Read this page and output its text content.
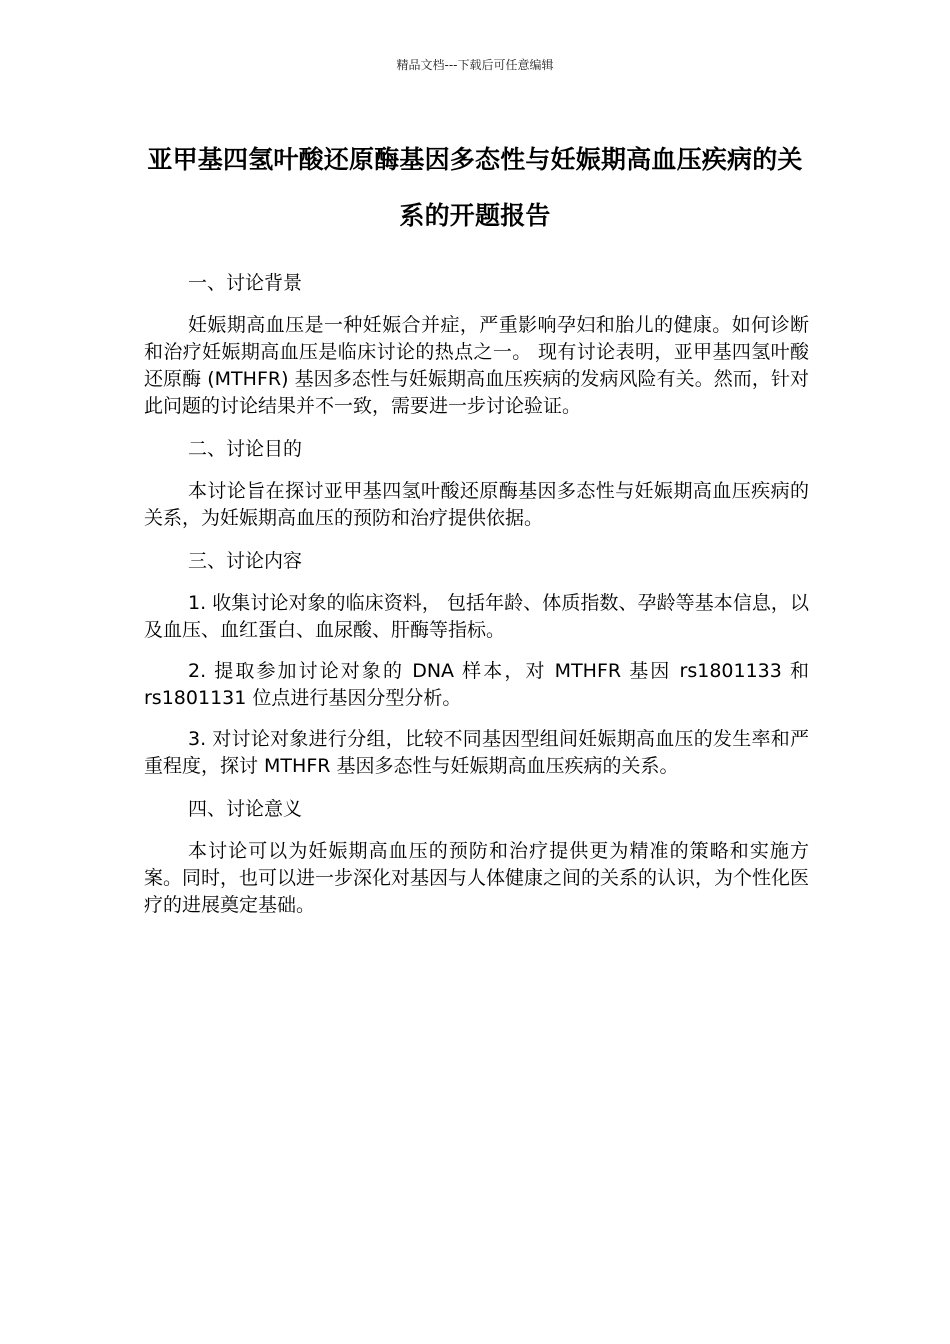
精品文档---下载后可任意编辑
亚甲基四氢叶酸还原酶基因多态性与妊娠期高血压疾病的关系的开题报告
一、讨论背景

妊娠期高血压是一种妊娠合并症，严重影响孕妇和胎儿的健康。如何诊断和治疗妊娠期高血压是临床讨论的热点之一。 现有讨论表明，亚甲基四氢叶酸还原酶 (MTHFR) 基因多态性与妊娠期高血压疾病的发病风险有关。然而，针对此问题的讨论结果并不一致，需要进一步讨论验证。

二、讨论目的

本讨论旨在探讨亚甲基四氢叶酸还原酶基因多态性与妊娠期高血压疾病的关系，为妊娠期高血压的预防和治疗提供依据。

三、讨论内容

1. 收集讨论对象的临床资料， 包括年龄、体质指数、孕龄等基本信息，以及血压、血红蛋白、血尿酸、肝酶等指标。

2. 提取参加讨论对象的 DNA 样本，对 MTHFR 基因 rs1801133 和 rs1801131 位点进行基因分型分析。

3. 对讨论对象进行分组，比较不同基因型组间妊娠期高血压的发生率和严重程度，探讨 MTHFR 基因多态性与妊娠期高血压疾病的关系。

四、讨论意义

本讨论可以为妊娠期高血压的预防和治疗提供更为精准的策略和实施方案。同时，也可以进一步深化对基因与人体健康之间的关系的认识，为个性化医疗的进展奠定基础。
